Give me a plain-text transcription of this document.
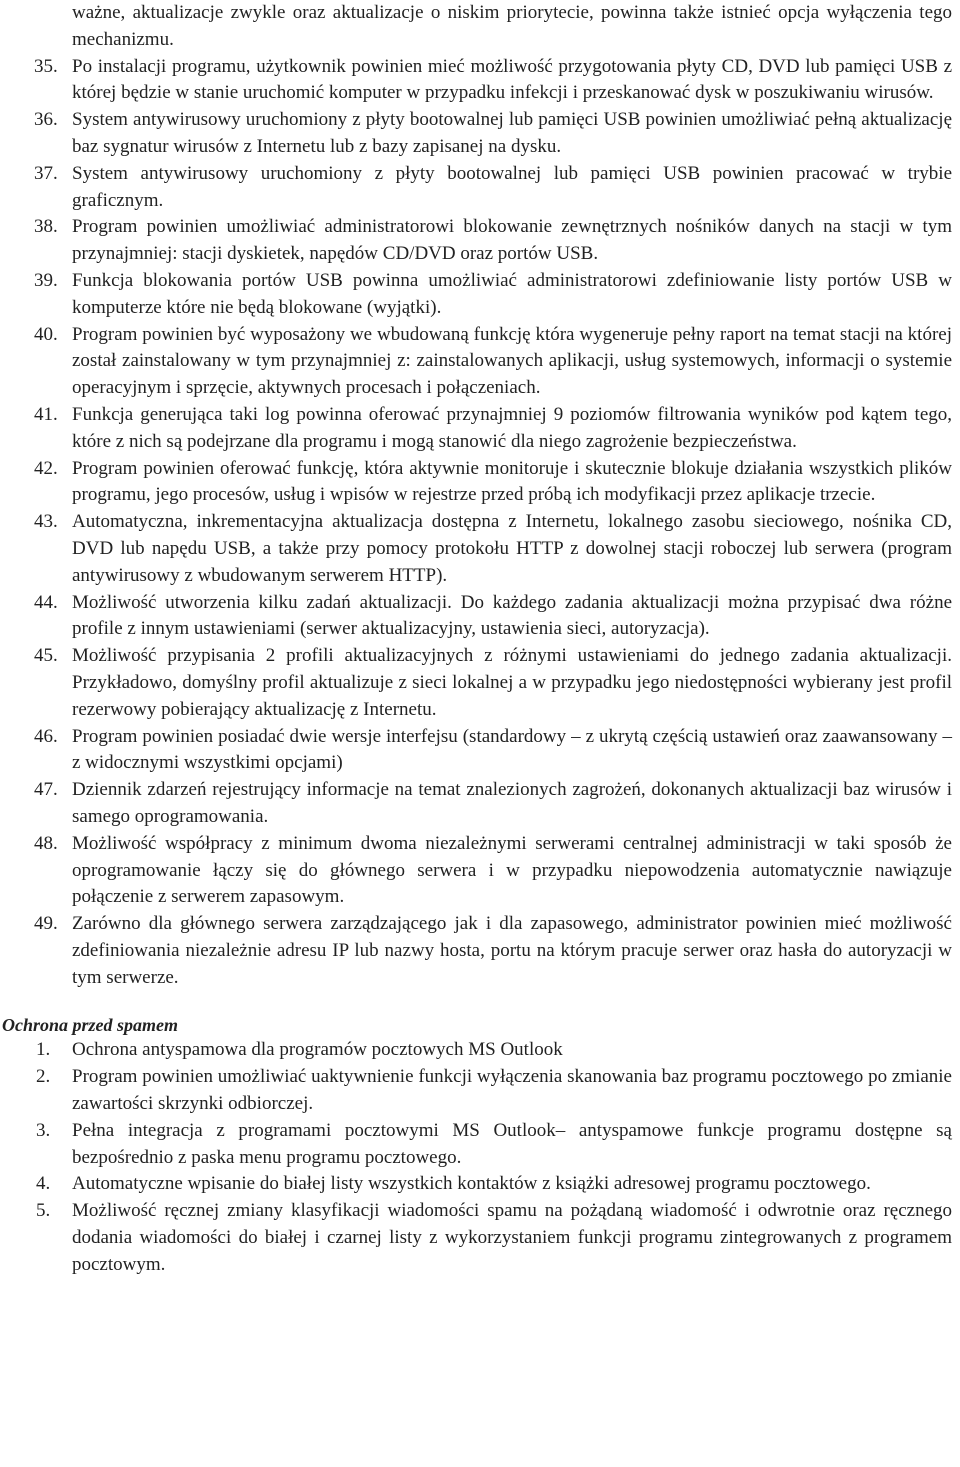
ważne, aktualizacje zwykle oraz aktualizacje o niskim priorytecie, powinna także istnieć opcja wyłączenia tego mechanizmu.

35. Po instalacji programu, użytkownik powinien mieć możliwość przygotowania płyty CD, DVD lub pamięci USB z której będzie w stanie uruchomić komputer w przypadku infekcji i przeskanować dysk w poszukiwaniu wirusów.
36. System antywirusowy uruchomiony z płyty bootowalnej lub pamięci USB powinien umożliwiać pełną aktualizację baz sygnatur wirusów z Internetu lub z bazy zapisanej na dysku.
37. System antywirusowy uruchomiony z płyty bootowalnej lub pamięci USB powinien pracować w trybie graficznym.
38. Program powinien umożliwiać administratorowi blokowanie zewnętrznych nośników danych na stacji w tym przynajmniej: stacji dyskietek, napędów CD/DVD oraz portów USB.
39. Funkcja blokowania portów USB powinna umożliwiać administratorowi zdefiniowanie listy portów USB w komputerze które nie będą blokowane (wyjątki).
40. Program powinien być wyposażony we wbudowaną funkcję która wygeneruje pełny raport na temat stacji na której został zainstalowany w tym przynajmniej z: zainstalowanych aplikacji, usług systemowych, informacji o systemie operacyjnym i sprzęcie, aktywnych procesach i połączeniach.
41. Funkcja generująca taki log powinna oferować przynajmniej 9 poziomów filtrowania wyników pod kątem tego, które z nich są podejrzane dla programu i mogą stanowić dla niego zagrożenie bezpieczeństwa.
42. Program powinien oferować funkcję, która aktywnie monitoruje i skutecznie blokuje działania wszystkich plików programu, jego procesów, usług i wpisów w rejestrze przed próbą ich modyfikacji przez aplikacje trzecie.
43. Automatyczna, inkrementacyjna aktualizacja dostępna z Internetu, lokalnego zasobu sieciowego, nośnika CD, DVD lub napędu USB, a także przy pomocy protokołu HTTP z dowolnej stacji roboczej lub serwera (program antywirusowy z wbudowanym serwerem HTTP).
44. Możliwość utworzenia kilku zadań aktualizacji. Do każdego zadania aktualizacji można przypisać dwa różne profile z innym ustawieniami (serwer aktualizacyjny, ustawienia sieci, autoryzacja).
45. Możliwość przypisania 2 profili aktualizacyjnych z różnymi ustawieniami do jednego zadania aktualizacji. Przykładowo, domyślny profil aktualizuje z sieci lokalnej a w przypadku jego niedostępności wybierany jest profil rezerwowy pobierający aktualizację z Internetu.
46. Program powinien posiadać dwie wersje interfejsu (standardowy – z ukrytą częścią ustawień oraz zaawansowany – z widocznymi wszystkimi opcjami)
47. Dziennik zdarzeń rejestrujący informacje na temat znalezionych zagrożeń, dokonanych aktualizacji baz wirusów i samego oprogramowania.
48. Możliwość współpracy z minimum dwoma niezależnymi serwerami centralnej administracji w taki sposób że oprogramowanie łączy się do głównego serwera i w przypadku niepowodzenia automatycznie nawiązuje połączenie z serwerem zapasowym.
49. Zarówno dla głównego serwera zarządzającego jak i dla zapasowego, administrator powinien mieć możliwość zdefiniowania niezależnie adresu IP lub nazwy hosta, portu na którym pracuje serwer oraz hasła do autoryzacji w tym serwerze.
Ochrona przed spamem
1. Ochrona antyspamowa dla programów pocztowych MS Outlook
2. Program powinien umożliwiać uaktywnienie funkcji wyłączenia skanowania baz programu pocztowego po zmianie zawartości skrzynki odbiorczej.
3. Pełna integracja z programami pocztowymi MS Outlook– antyspamowe funkcje programu dostępne są bezpośrednio z paska menu programu pocztowego.
4. Automatyczne wpisanie do białej listy wszystkich kontaktów z książki adresowej programu pocztowego.
5. Możliwość ręcznej zmiany klasyfikacji wiadomości spamu na pożądaną wiadomość i odwrotnie oraz ręcznego dodania wiadomości do białej i czarnej listy z wykorzystaniem funkcji programu zintegrowanych z programem pocztowym.
